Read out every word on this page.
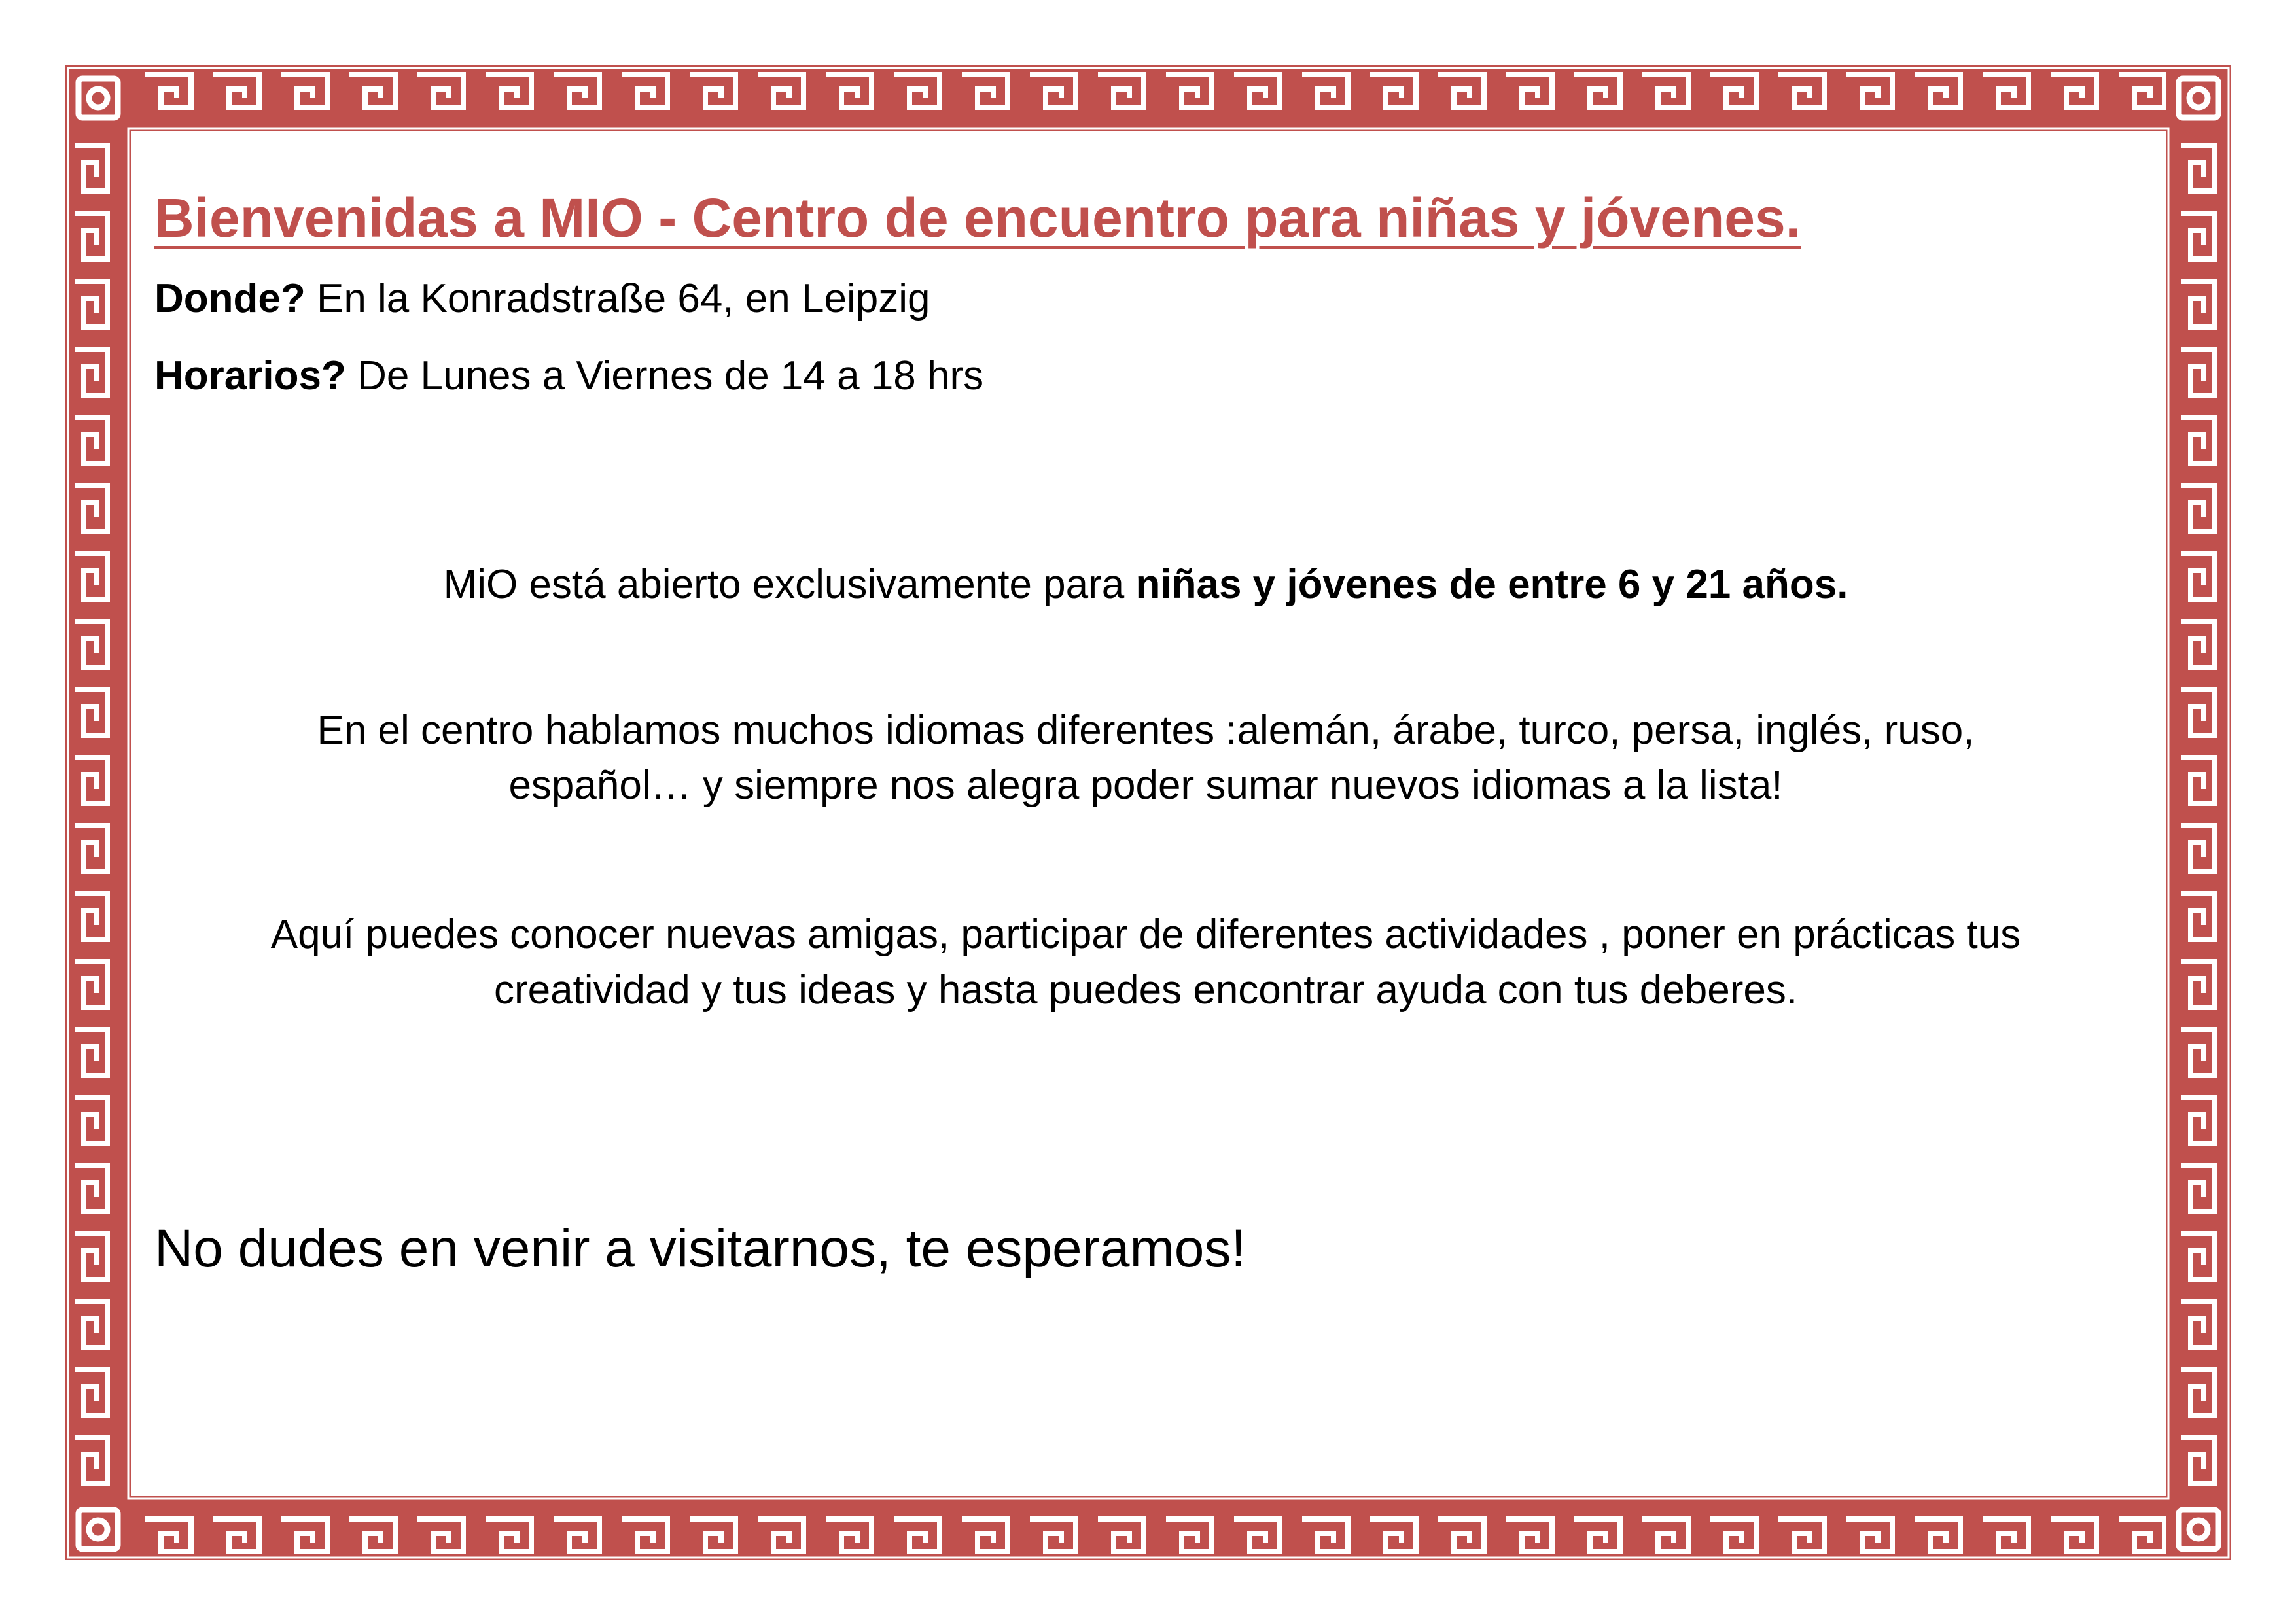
Bienvenidas a MIO - Centro de encuentro para niñas y jóvenes.

Donde? En la Konradstraße 64, en Leipzig

Horarios? De Lunes a Viernes de 14 a 18 hrs

MiO está abierto exclusivamente para niñas y jóvenes de entre 6 y 21 años.

En el centro hablamos muchos idiomas diferentes :alemán, árabe, turco, persa, inglés, ruso, español… y siempre nos alegra poder sumar nuevos idiomas a la lista!

Aquí puedes conocer nuevas amigas, participar de diferentes actividades , poner en prácticas tus creatividad y tus ideas y hasta puedes encontrar ayuda con tus deberes.

No dudes en venir a visitarnos, te esperamos!
